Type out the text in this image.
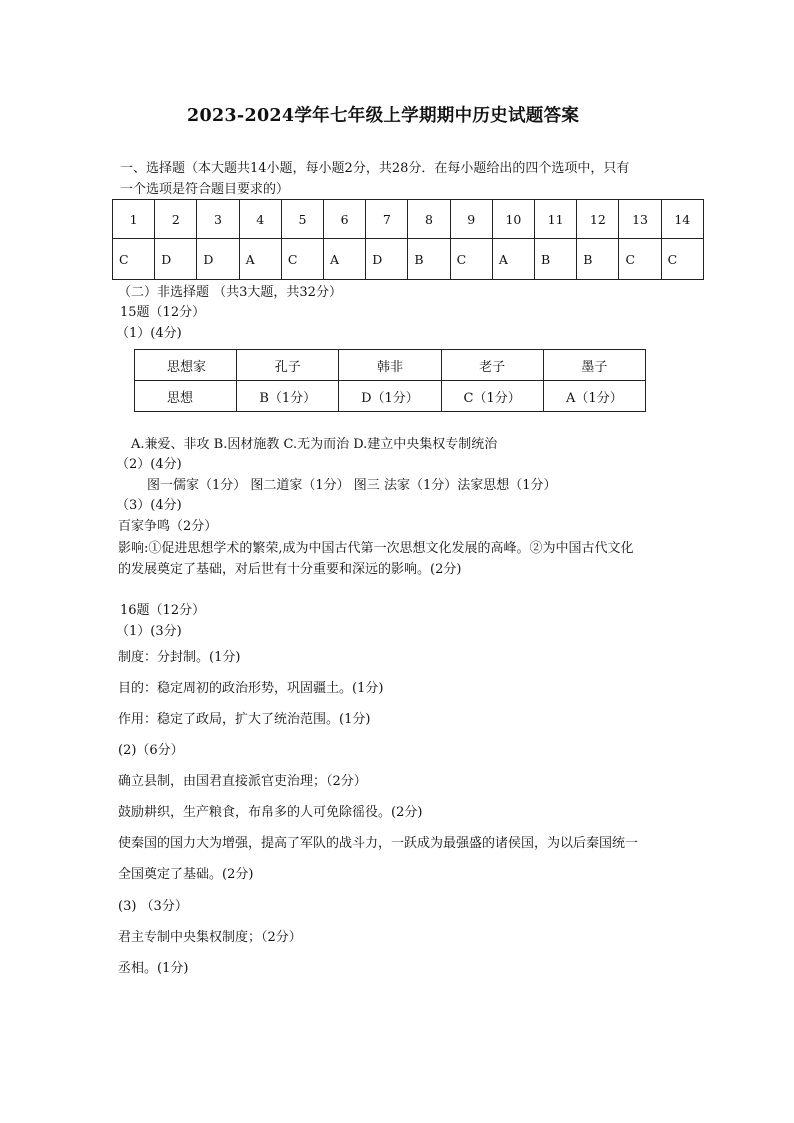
2023-2024学年七年级上学期期中历史试题答案
一、选择题（本大题共14小题，每小题2分，共28分．在每小题给出的四个选项中，只有
一个选项是符合题目要求的）
1	2	3	4	5	6	7	8	9	10	11	12	13	14
C	D	D	A	C	A	D	B	C	A	B	B	C	C
（二）非选择题 （共3大题，共32分）
15题（12分）
（1）(4分)
思想家	孔子	韩非	老子	墨子
思想	B（1分）	D（1分）	C（1分）	A（1分）
A.兼爱、非攻 B.因材施教 C.无为而治 D.建立中央集权专制统治
（2）(4分)
图一儒家（1分） 图二道家（1分） 图三 法家（1分）法家思想（1分）
（3）(4分)
百家争鸣（2分）
影响:①促进思想学术的繁荣,成为中国古代第一次思想文化发展的高峰。②为中国古代文化
的发展奠定了基础，对后世有十分重要和深远的影响。(2分)
16题（12分）
（1）(3分)
制度：分封制。(1分)
目的：稳定周初的政治形势，巩固疆土。(1分)
作用：稳定了政局，扩大了统治范围。(1分)
(2)（6分）
确立县制，由国君直接派官吏治理；（2分）
鼓励耕织，生产粮食，布帛多的人可免除徭役。(2分)
使秦国的国力大为增强，提高了军队的战斗力，一跃成为最强盛的诸侯国，为以后秦国统一
全国奠定了基础。(2分)
(3) （3分）
君主专制中央集权制度；（2分）
丞相。(1分)
